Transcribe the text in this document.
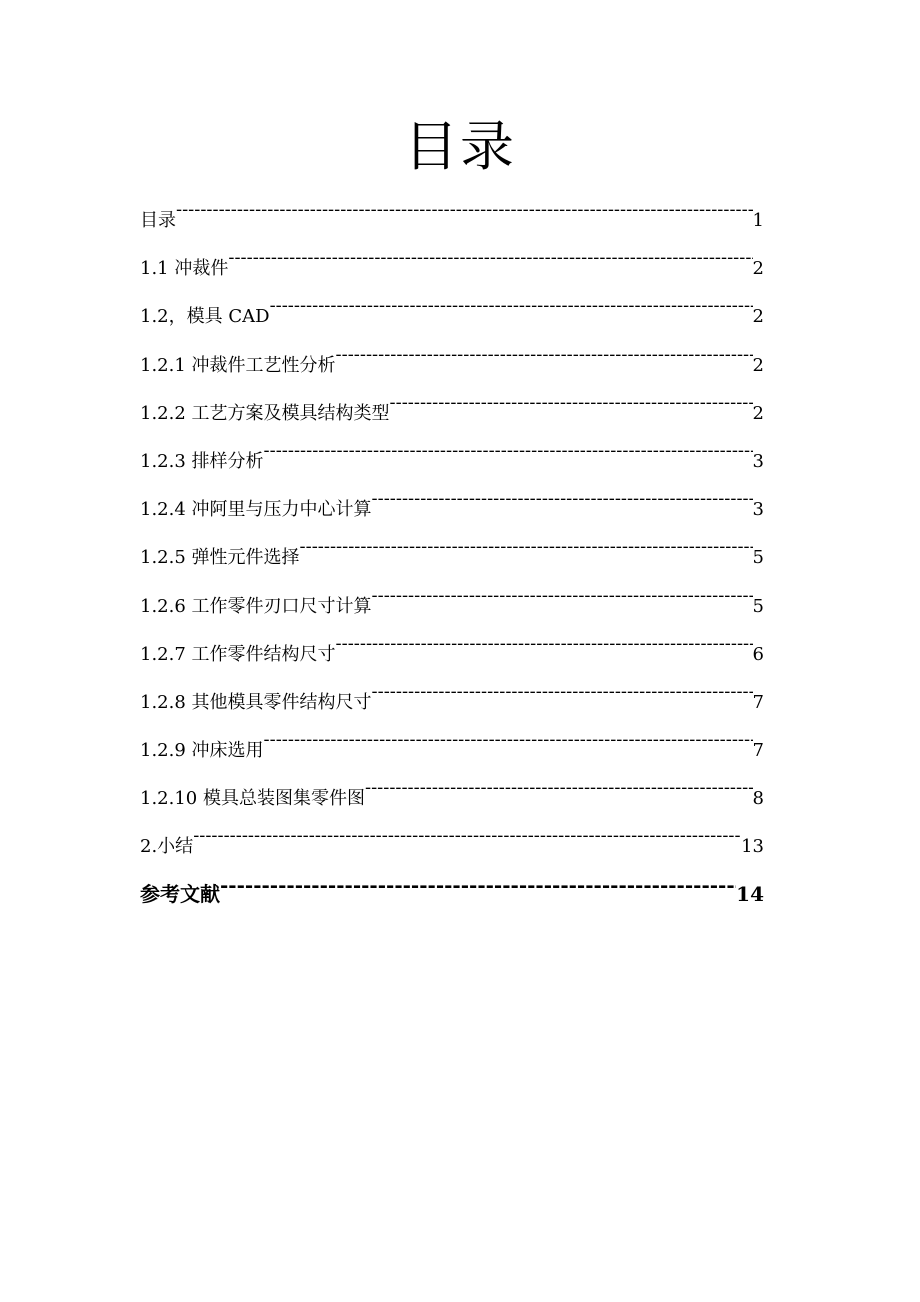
目录
目录 -----	1
1.1 冲裁件 -----	2
1.2，模具 CAD -----	2
1.2.1 冲裁件工艺性分析 -----	2
1.2.2 工艺方案及模具结构类型 -----	2
1.2.3 排样分析 -----	3
1.2.4 冲阿里与压力中心计算 -----	3
1.2.5 弹性元件选择 -----	5
1.2.6 工作零件刃口尺寸计算 -----	5
1.2.7 工作零件结构尺寸 -----	6
1.2.8 其他模具零件结构尺寸 -----	7
1.2.9 冲床选用 -----	7
1.2.10 模具总装图集零件图 -----	8
2.小结 -----	13
参考文献 -----	14
